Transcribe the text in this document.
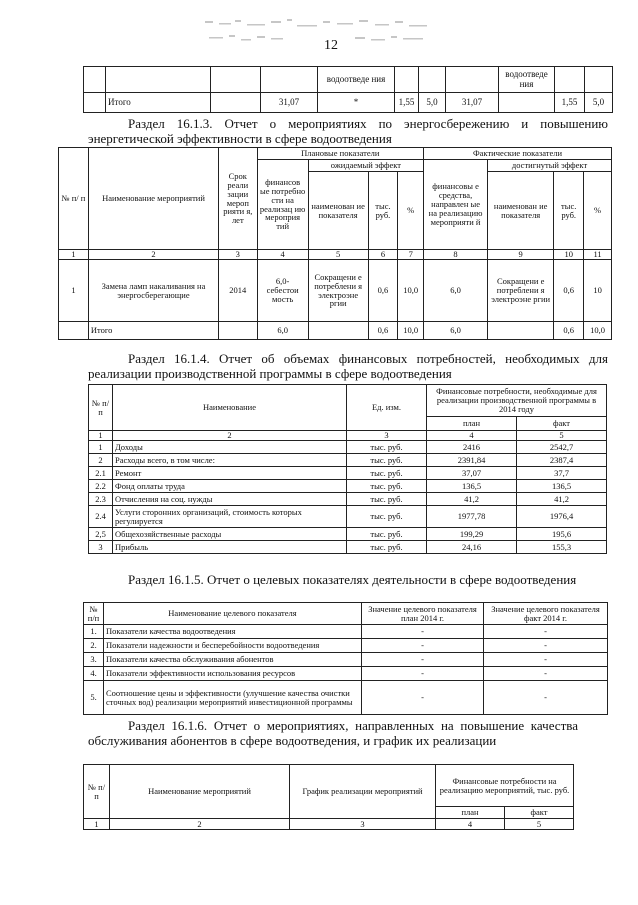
12
				водоотведе ния				водоотведе ния		
	Итого		31,07	*	1,55	5,0	31,07		1,55	5,0
Раздел 16.1.3. Отчет о мероприятиях по энергосбережению и повышению энергетической эффективности в сфере водоотведения
№ п/ п	Наименование мероприятий	Срок реали зации мероп рияти я, лет	Плановые показатели				Фактические показатели			
			финансов ые потребно сти на реализац ию мероприя тий	ожидаемый эффект			финансовы е средства, направлен ые на реализацию мероприяти й	достигнутый эффект		
				наименован ие показателя	тыс. руб.	%		наименован ие показателя	тыс. руб.	%
1	2	3	4	5	6	7	8	9	10	11
1	Замена ламп накаливания на энергосберегающие	2014	6,0- себестои мость	Сокращени е потреблени я электроэне ргии	0,6	10,0	6,0	Сокращени е потреблени я электроэне ргии	0,6	10
	Итого		6,0		0,6	10,0	6,0		0,6	10,0
Раздел 16.1.4. Отчет об объемах финансовых потребностей, необходимых для реализации производственной программы в сфере водоотведения
№ п/п	Наименование	Ед. изм.	Финансовые потребности, необходимые для реализации производственной программы в 2014 году	
			план	факт
1	2	3	4	5
1	Доходы	тыс. руб.	2416	2542,7
2	Расходы всего, в том числе:	тыс. руб.	2391,84	2387,4
2.1	Ремонт	тыс. руб.	37,07	37,7
2.2	Фонд оплаты труда	тыс. руб.	136,5	136,5
2.3	Отчисления на соц. нужды	тыс. руб.	41,2	41,2
2.4	Услуги сторонних организаций, стоимость которых регулируется	тыс. руб.	1977,78	1976,4
2,5	Общехозяйственные расходы	тыс. руб.	199,29	195,6
3	Прибыль	тыс. руб.	24,16	155,3
Раздел 16.1.5. Отчет о целевых показателях деятельности в сфере водоотведения
№ п/п	Наименование целевого показателя	Значение целевого показателя план 2014 г.	Значение целевого показателя факт 2014 г.
1.	Показатели качества водоотведения	-	-
2.	Показатели надежности и бесперебойности водоотведения	-	-
3.	Показатели качества обслуживания абонентов	-	-
4.	Показатели эффективности использования ресурсов	-	-
5.	Соотношение цены и эффективности (улучшение качества очистки сточных вод) реализации мероприятий инвестиционной программы	-	-
Раздел 16.1.6. Отчет о мероприятиях, направленных на повышение качества обслуживания абонентов в сфере водоотведения, и график их реализации
№ п/п	Наименование мероприятий	График реализации мероприятий	Финансовые потребности на реализацию мероприятий, тыс. руб.	
			план	факт
1	2	3	4	5
